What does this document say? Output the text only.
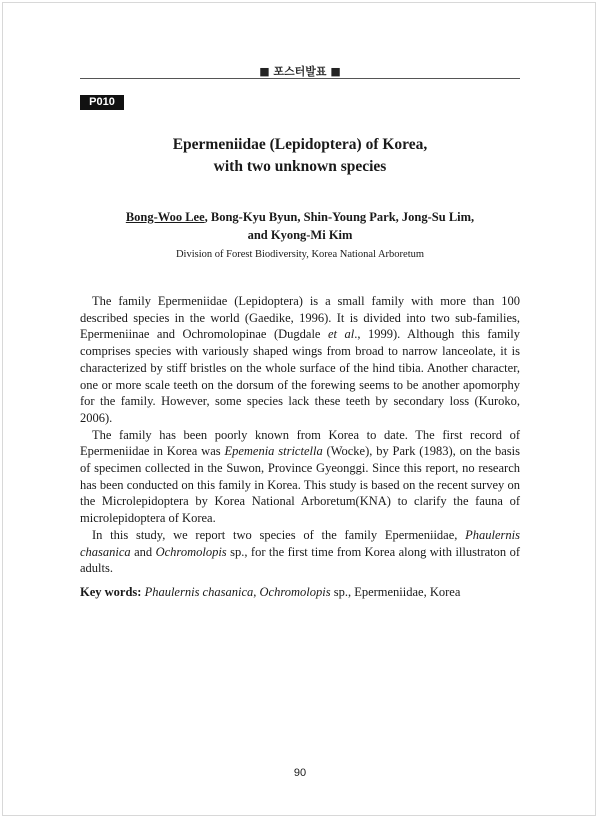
■ 포스터발표 ■
P010
Epermeniidae (Lepidoptera) of Korea,
with two unknown species
Bong-Woo Lee, Bong-Kyu Byun, Shin-Young Park, Jong-Su Lim,
and Kyong-Mi Kim
Division of Forest Biodiversity, Korea National Arboretum

The family Epermeniidae (Lepidoptera) is a small family with more than 100 described species in the world (Gaedike, 1996). It is divided into two sub-families, Epermeniinae and Ochromolopinae (Dugdale et al., 1999). Although this family comprises species with variously shaped wings from broad to narrow lanceolate, it is characterized by stiff bristles on the whole surface of the hind tibia. Another character, one or more scale teeth on the dorsum of the forewing seems to be another apomorphy for the family. However, some species lack these teeth by secondary loss (Kuroko, 2006).

The family has been poorly known from Korea to date. The first record of Epermeniidae in Korea was Epemenia strictella (Wocke), by Park (1983), on the basis of specimen collected in the Suwon, Province Gyeonggi. Since this report, no research has been conducted on this family in Korea. This study is based on the recent survey on the Microlepidoptera by Korea National Arboretum(KNA) to clarify the fauna of microlepidoptera of Korea.

In this study, we report two species of the family Epermeniidae, Phaulernis chasanica and Ochromolopis sp., for the first time from Korea along with illustraton of adults.

Key words: Phaulernis chasanica, Ochromolopis sp., Epermeniidae, Korea
90
